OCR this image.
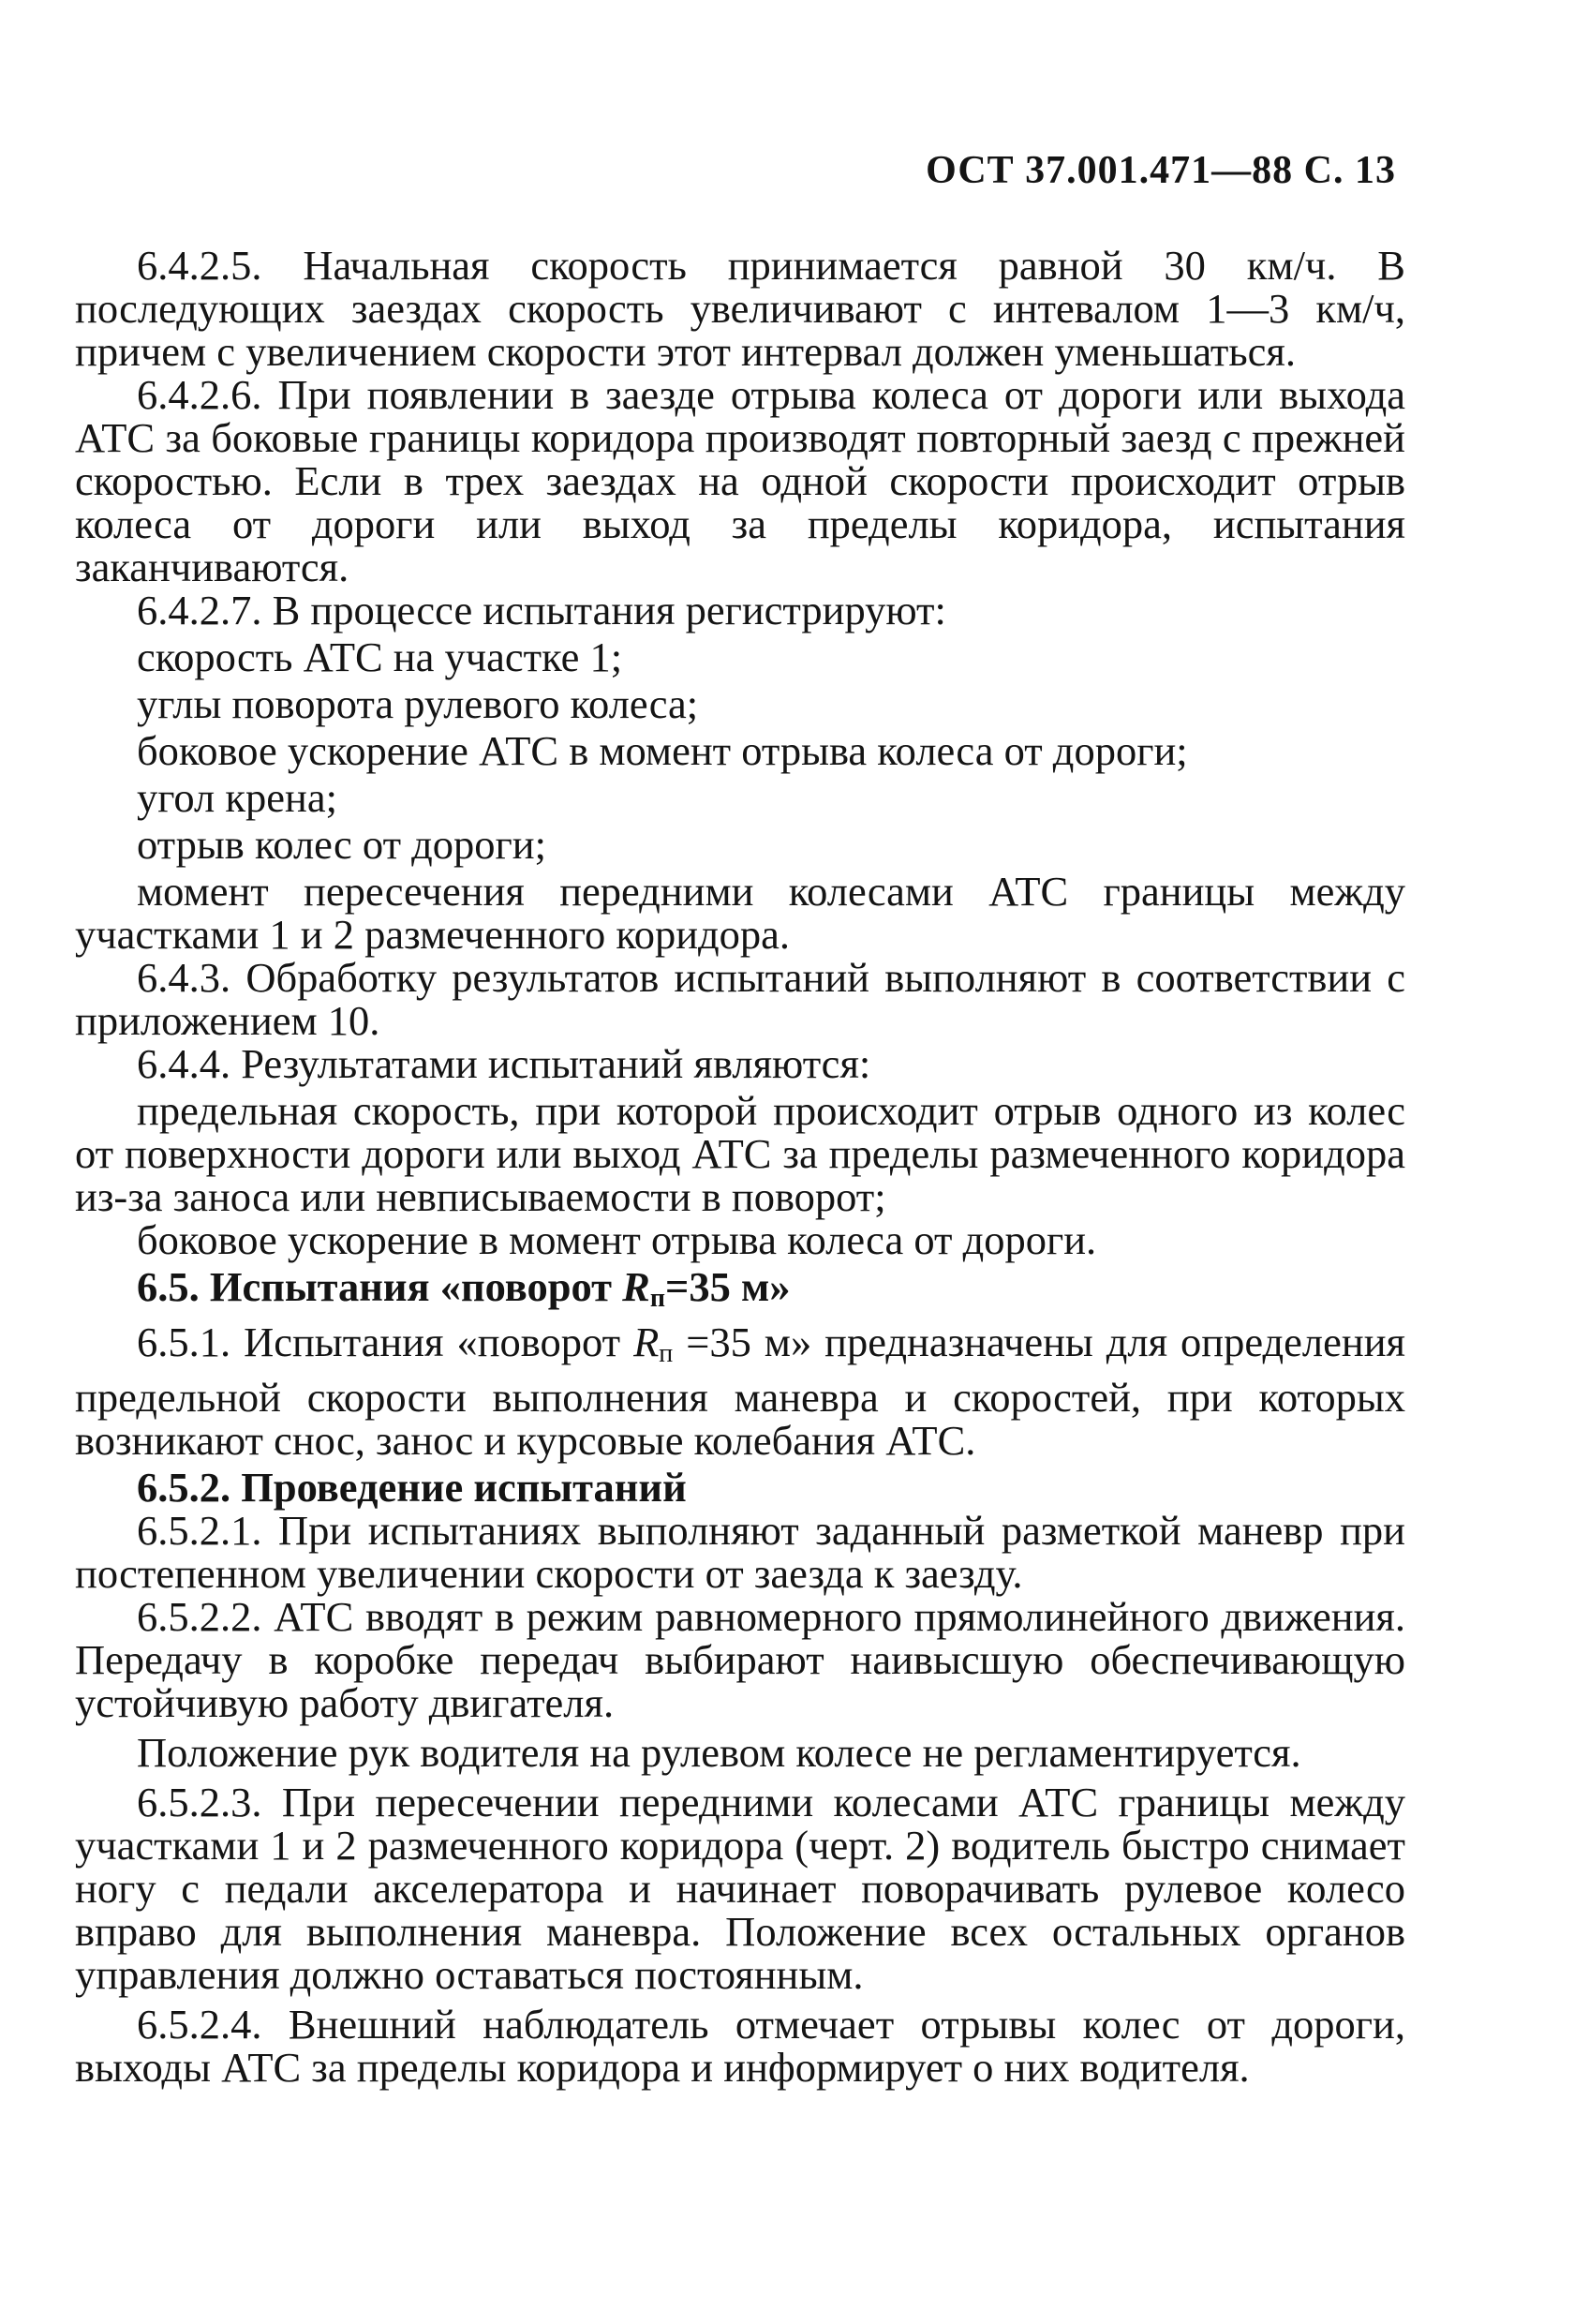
ОСТ 37.001.471—88 С. 13

6.4.2.5. Начальная скорость принимается равной 30 км/ч. В последующих заездах скорость увеличивают с интевалом 1—3 км/ч, причем с увеличением скорости этот интервал должен уменьшаться.

6.4.2.6. При появлении в заезде отрыва колеса от дороги или выхода АТС за боковые границы коридора производят повторный заезд с прежней скоростью. Если в трех заездах на одной скорости происходит отрыв колеса от дороги или выход за пределы коридора, испытания заканчиваются.

6.4.2.7. В процессе испытания регистрируют:

скорость АТС на участке 1;

углы поворота рулевого колеса;

боковое ускорение АТС в момент отрыва колеса от дороги;

угол крена;

отрыв колес от дороги;

момент пересечения передними колесами АТС границы между участками 1 и 2 размеченного коридора.

6.4.3. Обработку результатов испытаний выполняют в соответствии с приложением 10.

6.4.4. Результатами испытаний являются:

предельная скорость, при которой происходит отрыв одного из колес от поверхности дороги или выход АТС за пределы размеченного коридора из-за заноса или невписываемости в поворот;

боковое ускорение в момент отрыва колеса от дороги.

6.5. Испытания «поворот $R_п=35$ м»

6.5.1. Испытания «поворот $R_п =35$ м» предназначены для определения предельной скорости выполнения маневра и скоростей, при которых возникают снос, занос и курсовые колебания АТС.

6.5.2. Проведение испытаний

6.5.2.1. При испытаниях выполняют заданный разметкой маневр при постепенном увеличении скорости от заезда к заезду.

6.5.2.2. АТС вводят в режим равномерного прямолинейного движения. Передачу в коробке передач выбирают наивысшую обеспечивающую устойчивую работу двигателя.

Положение рук водителя на рулевом колесе не регламентируется.

6.5.2.3. При пересечении передними колесами АТС границы между участками 1 и 2 размеченного коридора (черт. 2) водитель быстро снимает ногу с педали акселератора и начинает поворачивать рулевое колесо вправо для выполнения маневра. Положение всех остальных органов управления должно оставаться постоянным.

6.5.2.4. Внешний наблюдатель отмечает отрывы колес от дороги, выходы АТС за пределы коридора и информирует о них водителя.
